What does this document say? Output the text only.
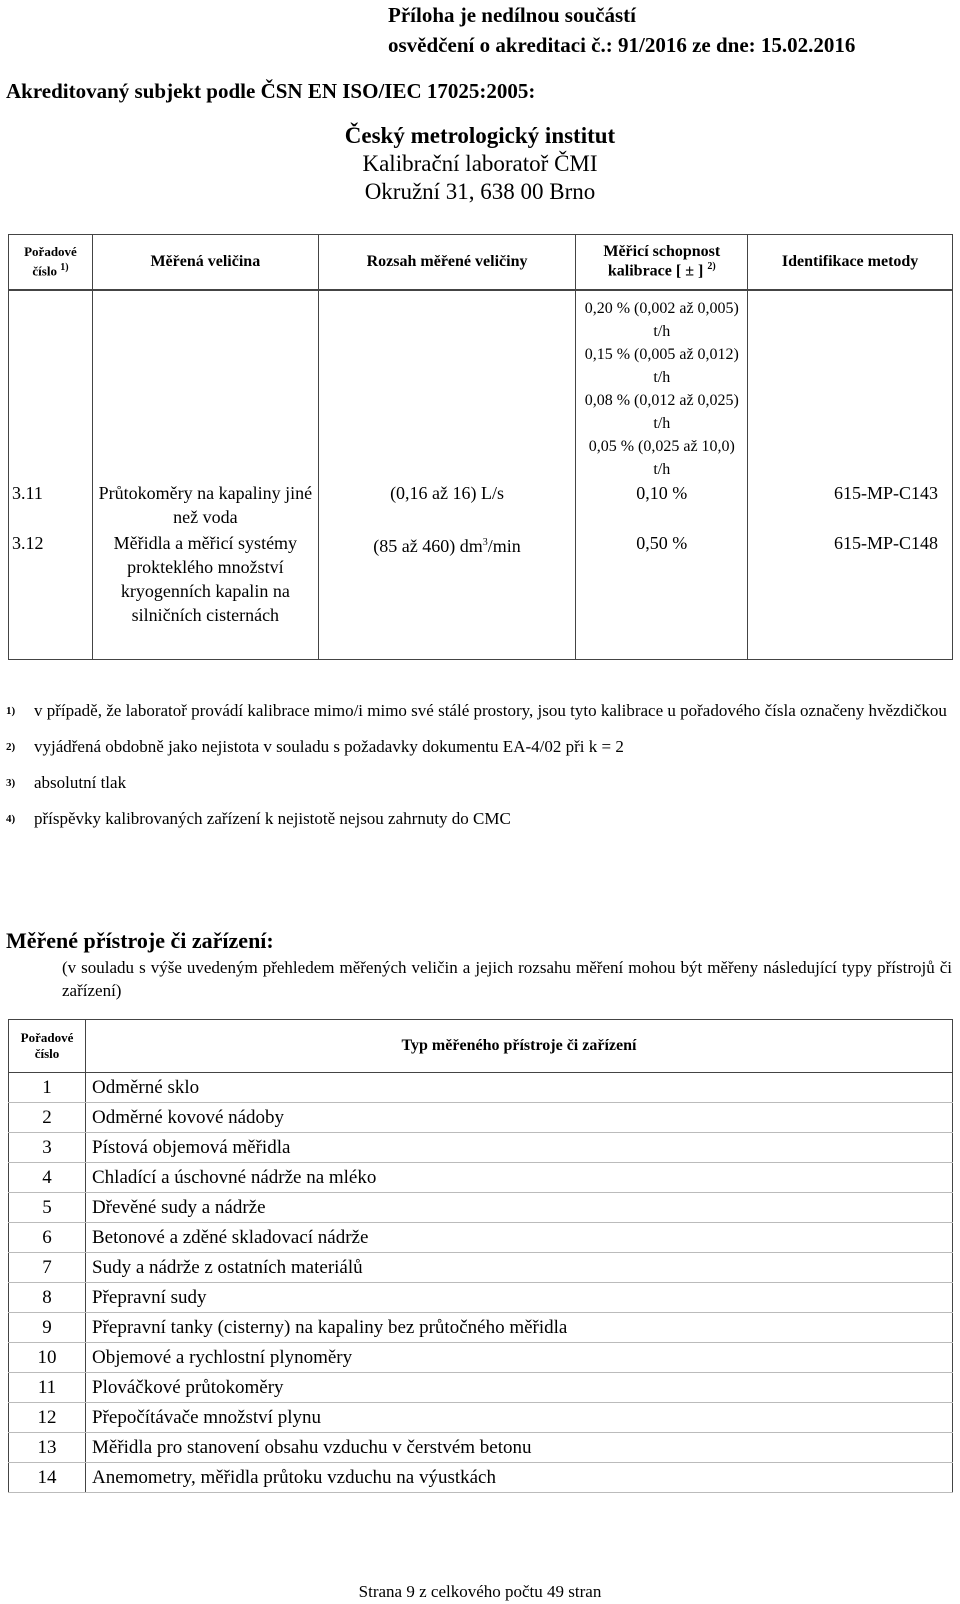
Příloha je nedílnou součástí
osvědčení o akreditaci č.: 91/2016 ze dne: 15.02.2016
Akreditovaný subjekt podle ČSN EN ISO/IEC 17025:2005:
Český metrologický institut
Kalibrační laboratoř ČMI
Okružní 31, 638 00 Brno
Pořadové číslo $^{1)}$	Měřená veličina	Rozsah měřené veličiny	Měřicí schopnost kalibrace [ ± ] $^{2)}$	Identifikace metody

			0,20 % (0,002 až 0,005) t/h
0,15 % (0,005 až 0,012) t/h
0,08 % (0,012 až 0,025) t/h
0,05 % (0,025 až 10,0) t/h	

3.11	Průtokoměry na kapaliny jiné než voda	(0,16 až 16) L/s	0,10 %	615-MP-C143
3.12	Měřidla a měřicí systémy prokteklého množství kryogenních kapalin na silničních cisternách	(85 až 460) $dm^3/\min$	0,50 %	615-MP-C148
1)	v případě, že laboratoř provádí kalibrace mimo/i mimo své stálé prostory, jsou tyto kalibrace u pořadového čísla označeny hvězdičkou
2)	vyjádřená obdobně jako nejistota v souladu s požadavky dokumentu EA-4/02 při k = 2
3)	absolutní tlak
4)	příspěvky kalibrovaných zařízení k nejistotě nejsou zahrnuty do CMC
Měřené přístroje či zařízení:
(v souladu s výše uvedeným přehledem měřených veličin a jejich rozsahu měření mohou být měřeny následující typy přístrojů či zařízení)
Pořadové číslo	Typ měřeného přístroje či zařízení
1	Odměrné sklo
2	Odměrné kovové nádoby
3	Pístová objemová měřidla
4	Chladící a úschovné nádrže na mléko
5	Dřevěné sudy a nádrže
6	Betonové a zděné skladovací nádrže
7	Sudy a nádrže z ostatních materiálů
8	Přepravní sudy
9	Přepravní tanky (cisterny) na kapaliny bez průtočného měřidla
10	Objemové a rychlostní plynoměry
11	Plováčkové průtokoměry
12	Přepočítávače množství plynu
13	Měřidla pro stanovení obsahu vzduchu v čerstvém betonu
14	Anemometry, měřidla průtoku vzduchu na výustkách
Strana 9 z celkového počtu 49 stran
